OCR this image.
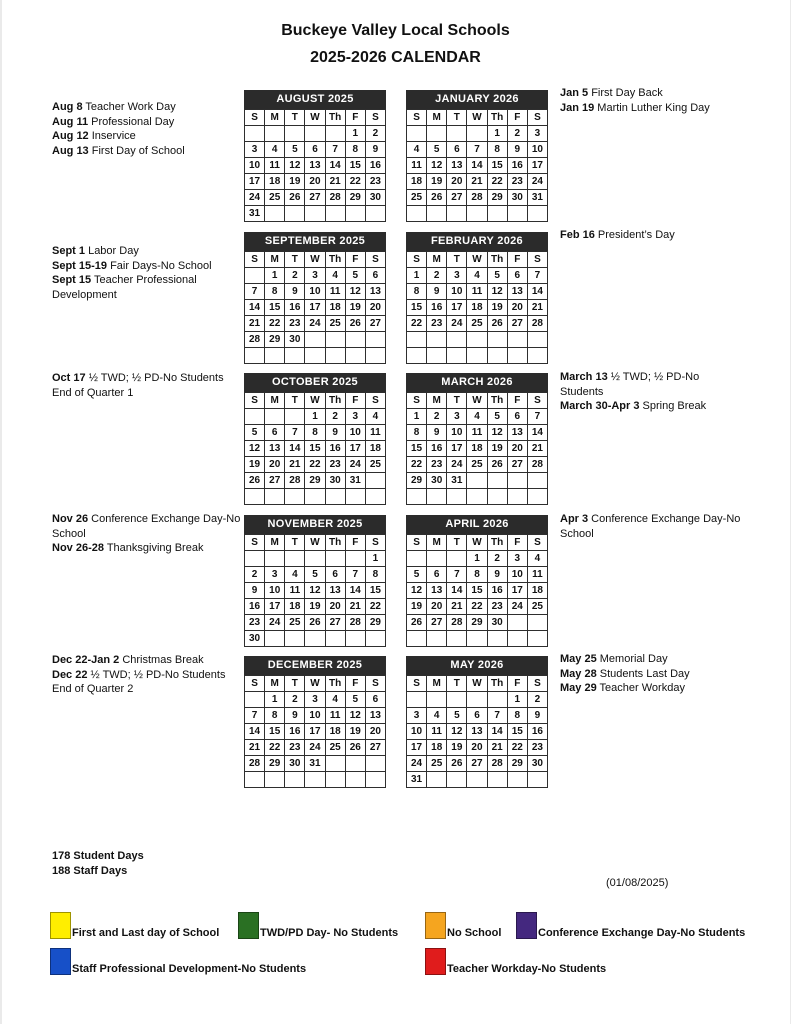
Buckeye Valley Local Schools
2025-2026 CALENDAR
AUGUST 2025
S	M	T	W	Th	F	S
					1	2
3	4	5	6	7	8	9
10	11	12	13	14	15	16
17	18	19	20	21	22	23
24	25	26	27	28	29	30
31						
JANUARY 2026
S	M	T	W	Th	F	S
				1	2	3
4	5	6	7	8	9	10
11	12	13	14	15	16	17
18	19	20	21	22	23	24
25	26	27	28	29	30	31

SEPTEMBER 2025
S	M	T	W	Th	F	S
	1	2	3	4	5	6
7	8	9	10	11	12	13
14	15	16	17	18	19	20
21	22	23	24	25	26	27
28	29	30				

FEBRUARY 2026
S	M	T	W	Th	F	S
1	2	3	4	5	6	7
8	9	10	11	12	13	14
15	16	17	18	19	20	21
22	23	24	25	26	27	28

OCTOBER 2025
S	M	T	W	Th	F	S
			1	2	3	4
5	6	7	8	9	10	11
12	13	14	15	16	17	18
19	20	21	22	23	24	25
26	27	28	29	30	31	

MARCH 2026
S	M	T	W	Th	F	S
1	2	3	4	5	6	7
8	9	10	11	12	13	14
15	16	17	18	19	20	21
22	23	24	25	26	27	28
29	30	31				

NOVEMBER 2025
S	M	T	W	Th	F	S
						1
2	3	4	5	6	7	8
9	10	11	12	13	14	15
16	17	18	19	20	21	22
23	24	25	26	27	28	29
30						
APRIL 2026
S	M	T	W	Th	F	S
			1	2	3	4
5	6	7	8	9	10	11
12	13	14	15	16	17	18
19	20	21	22	23	24	25
26	27	28	29	30		

DECEMBER 2025
S	M	T	W	Th	F	S
	1	2	3	4	5	6
7	8	9	10	11	12	13
14	15	16	17	18	19	20
21	22	23	24	25	26	27
28	29	30	31			

MAY 2026
S	M	T	W	Th	F	S
					1	2
3	4	5	6	7	8	9
10	11	12	13	14	15	16
17	18	19	20	21	22	23
24	25	26	27	28	29	30
31						
Aug 8 Teacher Work Day
Aug 11 Professional Day
Aug 12 Inservice
Aug 13 First Day of School
Sept 1 Labor Day
Sept 15-19 Fair Days-No School
Sept 15 Teacher Professional Development
Oct 17 ½ TWD; ½ PD-No Students
End of Quarter 1
Nov 26 Conference Exchange Day-No School
Nov 26-28 Thanksgiving Break
Dec 22-Jan 2 Christmas Break
Dec 22 ½ TWD; ½ PD-No Students
End of Quarter 2
Jan 5 First Day Back
Jan 19 Martin Luther King Day
Feb 16 President’s Day
March 13 ½ TWD; ½ PD-No Students
March 30-Apr 3 Spring Break
Apr 3 Conference Exchange Day-No School
May 25 Memorial Day
May 28 Students Last Day
May 29 Teacher Workday
178 Student Days
188 Staff Days
(01/08/2025)
First and Last day of School	TWD/PD Day- No Students	No School	Conference Exchange Day-No Students
Staff Professional Development-No Students	Teacher Workday-No Students
